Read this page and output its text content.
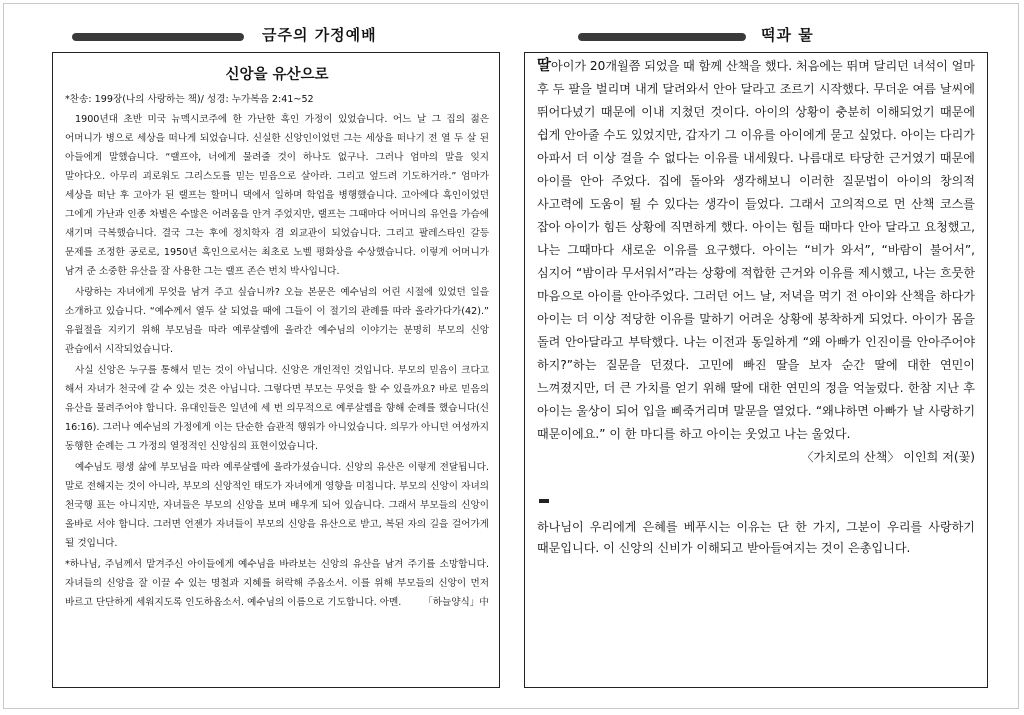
금주의 가정예배	떡과 물
신앙을 유산으로
*찬송: 199장(나의 사랑하는 책)/ 성경: 누가복음 2:41~52

1900년대 초반 미국 뉴멕시코주에 한 가난한 흑인 가정이 있었습니다. 어느 날 그 집의 젊은 어머니가 병으로 세상을 떠나게 되었습니다. 신실한 신앙인이었던 그는 세상을 떠나기 전 열 두 살 된 아들에게 말했습니다. “랠프야, 너에게 물려줄 것이 하나도 없구나. 그러나 엄마의 말을 잊지 말아다오. 아무리 괴로워도 그리스도를 믿는 믿음으로 살아라. 그리고 엎드려 기도하거라.” 엄마가 세상을 떠난 후 고아가 된 랠프는 할머니 댁에서 일하며 학업을 병행했습니다. 고아에다 흑인이었던 그에게 가난과 인종 차별은 수많은 어려움을 안겨 주었지만, 랠프는 그때마다 어머니의 유언을 가슴에 새기며 극복했습니다. 결국 그는 후에 정치학자 겸 외교관이 되었습니다. 그리고 팔레스타인 갈등 문제를 조정한 공로로, 1950년 흑인으로서는 최초로 노벨 평화상을 수상했습니다. 이렇게 어머니가 남겨 준 소중한 유산을 잘 사용한 그는 랠프 존슨 번치 박사입니다.

사랑하는 자녀에게 무엇을 남겨 주고 싶습니까? 오늘 본문은 예수님의 어린 시절에 있었던 일을 소개하고 있습니다. “예수께서 열두 살 되었을 때에 그들이 이 절기의 관례를 따라 올라가다가(42).” 유월절을 지키기 위해 부모님을 따라 예루살렘에 올라간 예수님의 이야기는 분명히 부모의 신앙 관습에서 시작되었습니다.

사실 신앙은 누구를 통해서 믿는 것이 아닙니다. 신앙은 개인적인 것입니다. 부모의 믿음이 크다고 해서 자녀가 천국에 갈 수 있는 것은 아닙니다. 그렇다면 부모는 무엇을 할 수 있을까요? 바로 믿음의 유산을 물려주어야 합니다. 유대인들은 일년에 세 번 의무적으로 예루살렘을 향해 순례를 했습니다(신 16:16). 그러나 예수님의 가정에게 이는 단순한 습관적 행위가 아니었습니다. 의무가 아니던 여성까지 동행한 순례는 그 가정의 열정적인 신앙심의 표현이었습니다.

예수님도 평생 삶에 부모님을 따라 예루살렘에 올라가셨습니다. 신앙의 유산은 이렇게 전달됩니다. 말로 전해지는 것이 아니라, 부모의 신앙적인 태도가 자녀에게 영향을 미칩니다. 부모의 신앙이 자녀의 천국행 표는 아니지만, 자녀들은 부모의 신앙을 보며 배우게 되어 있습니다. 그래서 부모들의 신앙이 올바로 서야 합니다. 그러면 언젠가 자녀들이 부모의 신앙을 유산으로 받고, 복된 자의 길을 걸어가게 될 것입니다.

*하나님, 주님께서 맡겨주신 아이들에게 예수님을 바라보는 신앙의 유산을 남겨 주기를 소망합니다. 자녀들의 신앙을 잘 이끌 수 있는 명철과 지혜를 허락해 주옵소서. 이를 위해 부모들의 신앙이 먼저 바르고 단단하게 세워지도록 인도하옵소서. 예수님의 이름으로 기도합니다. 아멘. 「하늘양식」中

딸아이가 20개월쯤 되었을 때 함께 산책을 했다. 처음에는 뛰며 달리던 녀석이 얼마 후 두 팔을 벌리며 내게 달려와서 안아 달라고 조르기 시작했다. 무더운 여름 날씨에 뛰어다녔기 때문에 이내 지쳤던 것이다. 아이의 상황이 충분히 이해되었기 때문에 쉽게 안아줄 수도 있었지만, 갑자기 그 이유를 아이에게 묻고 싶었다. 아이는 다리가 아파서 더 이상 걸을 수 없다는 이유를 내세웠다. 나름대로 타당한 근거였기 때문에 아이를 안아 주었다. 집에 돌아와 생각해보니 이러한 질문법이 아이의 창의적 사고력에 도움이 될 수 있다는 생각이 들었다. 그래서 고의적으로 먼 산책 코스를 잡아 아이가 힘든 상황에 직면하게 했다. 아이는 힘들 때마다 안아 달라고 요청했고, 나는 그때마다 새로운 이유를 요구했다. 아이는 “비가 와서”, “바람이 불어서”, 심지어 “밤이라 무서워서”라는 상황에 적합한 근거와 이유를 제시했고, 나는 흐뭇한 마음으로 아이를 안아주었다. 그러던 어느 날, 저녁을 먹기 전 아이와 산책을 하다가 아이는 더 이상 적당한 이유를 말하기 어려운 상황에 봉착하게 되었다. 아이가 몸을 돌려 안아달라고 부탁했다. 나는 이전과 동일하게 “왜 아빠가 인진이를 안아주어야 하지?”하는 질문을 던졌다. 고민에 빠진 딸을 보자 순간 딸에 대한 연민이 느껴졌지만, 더 큰 가치를 얻기 위해 딸에 대한 연민의 정을 억눌렀다. 한참 지난 후 아이는 울상이 되어 입을 삐죽거리며 말문을 열었다. “왜냐하면 아빠가 날 사랑하기 때문이에요.” 이 한 마디를 하고 아이는 웃었고 나는 울었다.

〈가치로의 산책〉 이인희 저(꽃)

하나님이 우리에게 은혜를 베푸시는 이유는 단 한 가지, 그분이 우리를 사랑하기 때문입니다. 이 신앙의 신비가 이해되고 받아들여지는 것이 은총입니다.
